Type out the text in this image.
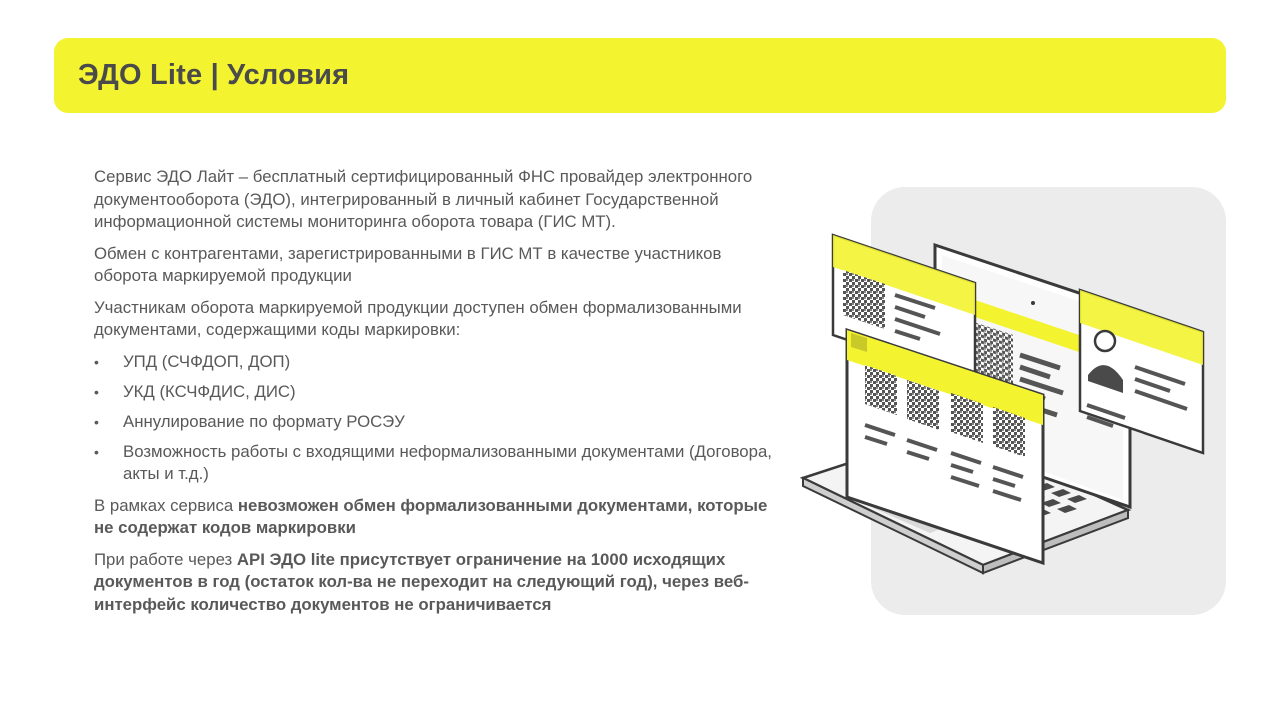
ЭДО Lite | Условия

Сервис ЭДО Лайт – бесплатный сертифицированный ФНС провайдер электронного документооборота (ЭДО), интегрированный в личный кабинет Государственной информационной системы мониторинга оборота товара (ГИС МТ).

Обмен с контрагентами, зарегистрированными в ГИС МТ в качестве участников оборота маркируемой продукции

Участникам оборота маркируемой продукции доступен обмен формализованными документами, содержащими коды маркировки:

• УПД (СЧФДОП, ДОП)
• УКД (КСЧФДИС, ДИС)
• Аннулирование по формату РОСЭУ
• Возможность работы с входящими неформализованными документами (Договора, акты и т.д.)

В рамках сервиса невозможен обмен формализованными документами, которые не содержат кодов маркировки

При работе через API ЭДО lite присутствует ограничение на 1000 исходящих документов в год (остаток кол-ва не переходит на следующий год), через веб-интерфейс количество документов не ограничивается
